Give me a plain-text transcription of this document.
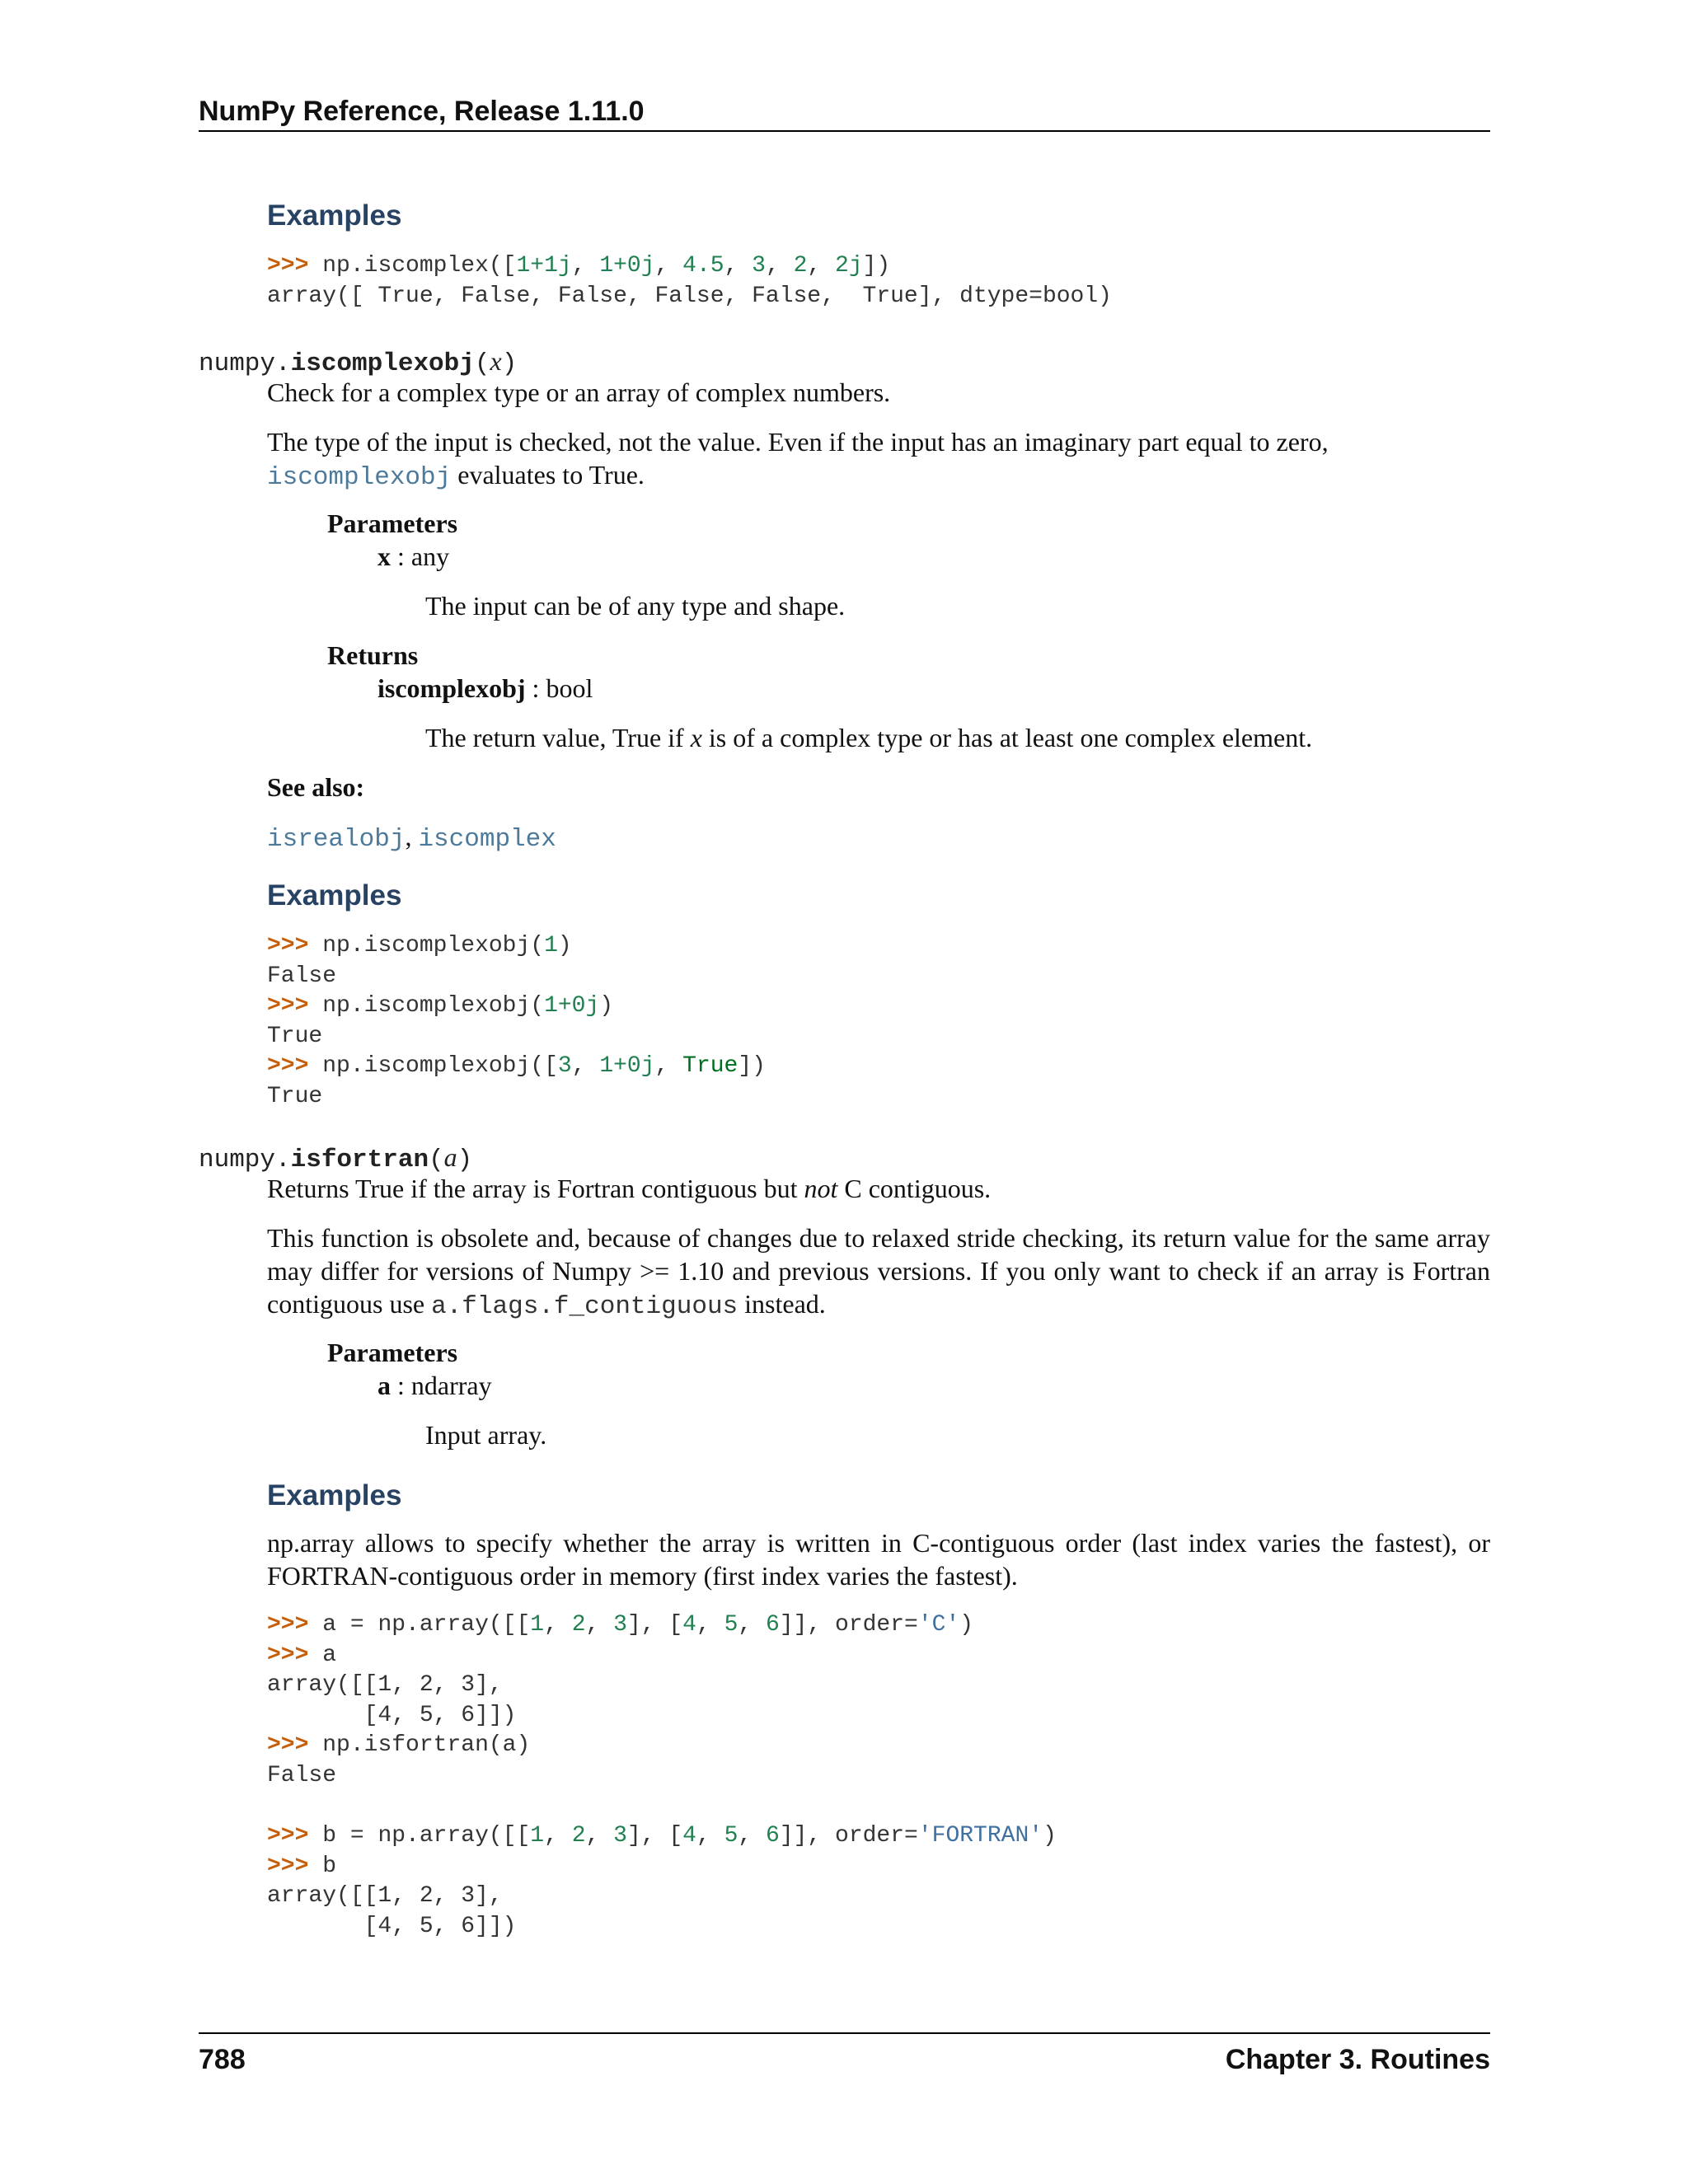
NumPy Reference, Release 1.11.0
Examples
>>> np.iscomplex([1+1j, 1+0j, 4.5, 3, 2, 2j])
array([ True, False, False, False, False,  True], dtype=bool)
numpy.iscomplexobj(x)
Check for a complex type or an array of complex numbers.
The type of the input is checked, not the value. Even if the input has an imaginary part equal to zero,
iscomplexobj evaluates to True.
Parameters
x : any
The input can be of any type and shape.
Returns
iscomplexobj : bool
The return value, True if x is of a complex type or has at least one complex element.
See also:
isrealobj, iscomplex
Examples
>>> np.iscomplexobj(1)
False
>>> np.iscomplexobj(1+0j)
True
>>> np.iscomplexobj([3, 1+0j, True])
True
numpy.isfortran(a)
Returns True if the array is Fortran contiguous but not C contiguous.
This function is obsolete and, because of changes due to relaxed stride checking, its return value for the same array may differ for versions of Numpy >= 1.10 and previous versions. If you only want to check if an array is Fortran contiguous use a.flags.f_contiguous instead.
Parameters
a : ndarray
Input array.
Examples
np.array allows to specify whether the array is written in C-contiguous order (last index varies the fastest), or FORTRAN-contiguous order in memory (first index varies the fastest).
>>> a = np.array([[1, 2, 3], [4, 5, 6]], order='C')
>>> a
array([[1, 2, 3],
[4, 5, 6]])
>>> np.isfortran(a)
False

>>> b = np.array([[1, 2, 3], [4, 5, 6]], order='FORTRAN')
>>> b
array([[1, 2, 3],
[4, 5, 6]])
788	Chapter 3. Routines
